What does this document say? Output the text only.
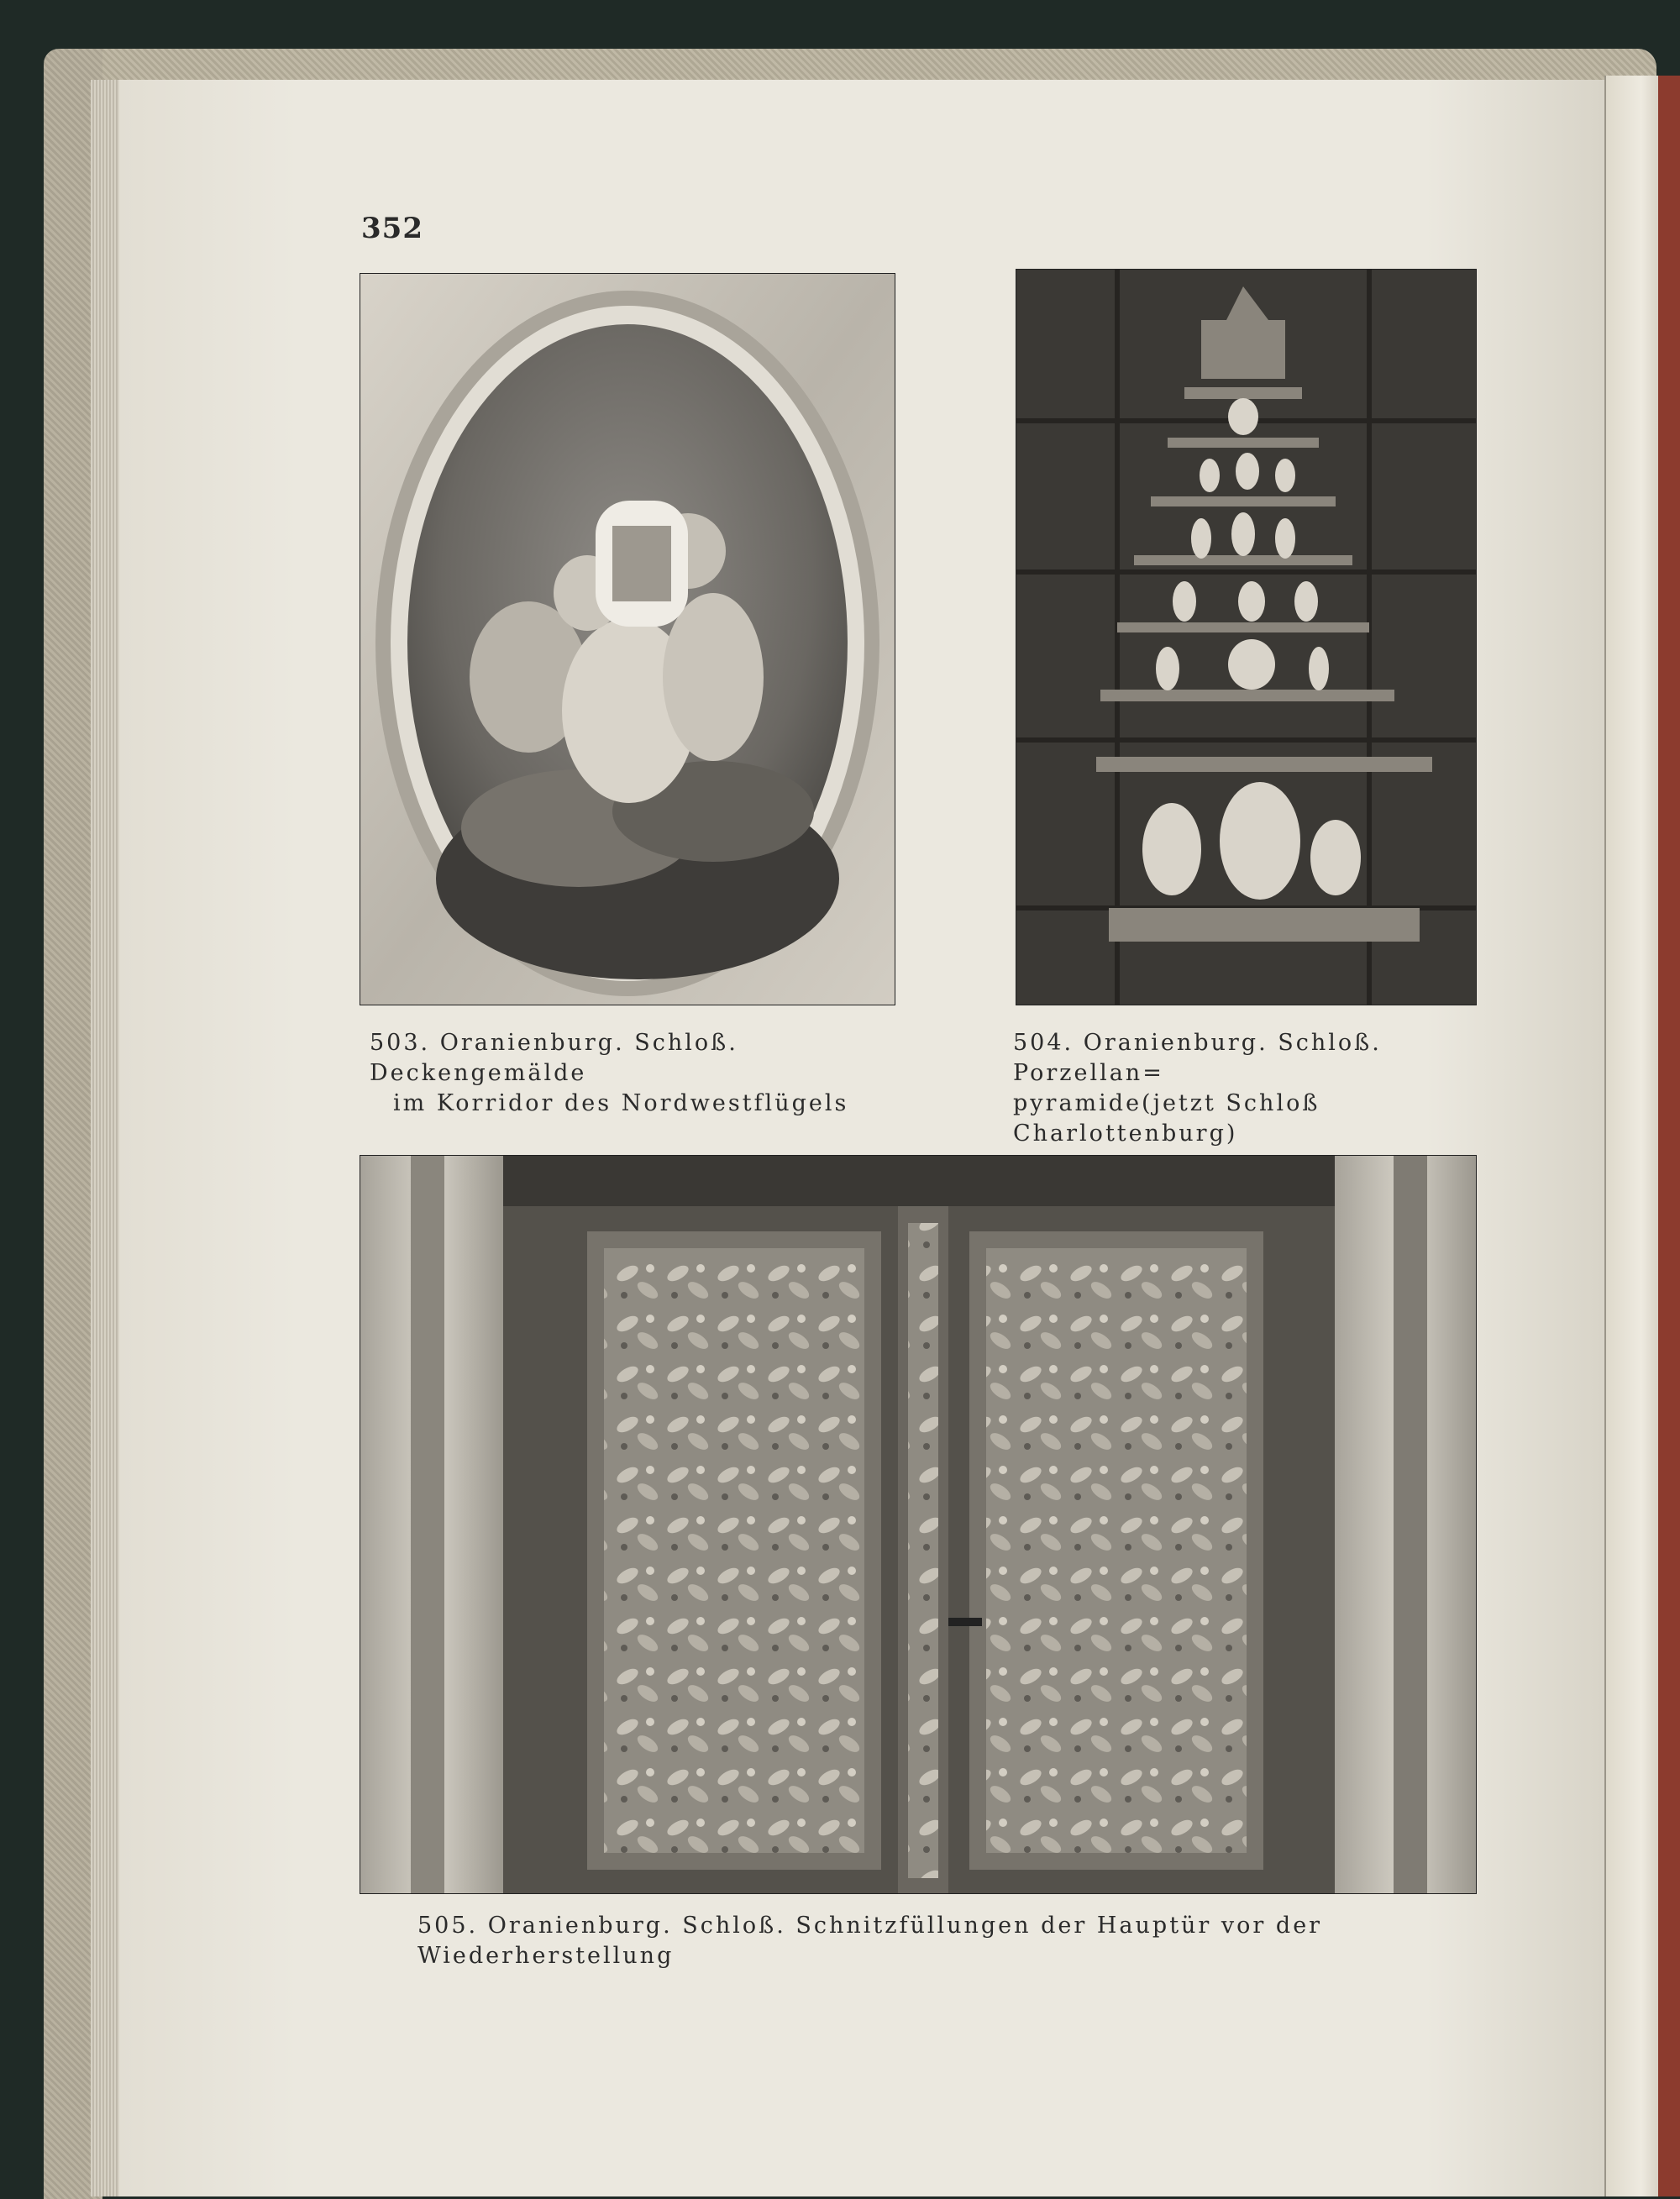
352
503. Oranienburg. Schloß. Deckengemälde
im Korridor des Nordwestflügels
504. Oranienburg. Schloß. Porzellan=
pyramide(jetzt Schloß Charlottenburg)
505. Oranienburg. Schloß. Schnitzfüllungen der Hauptür vor der Wiederherstellung
